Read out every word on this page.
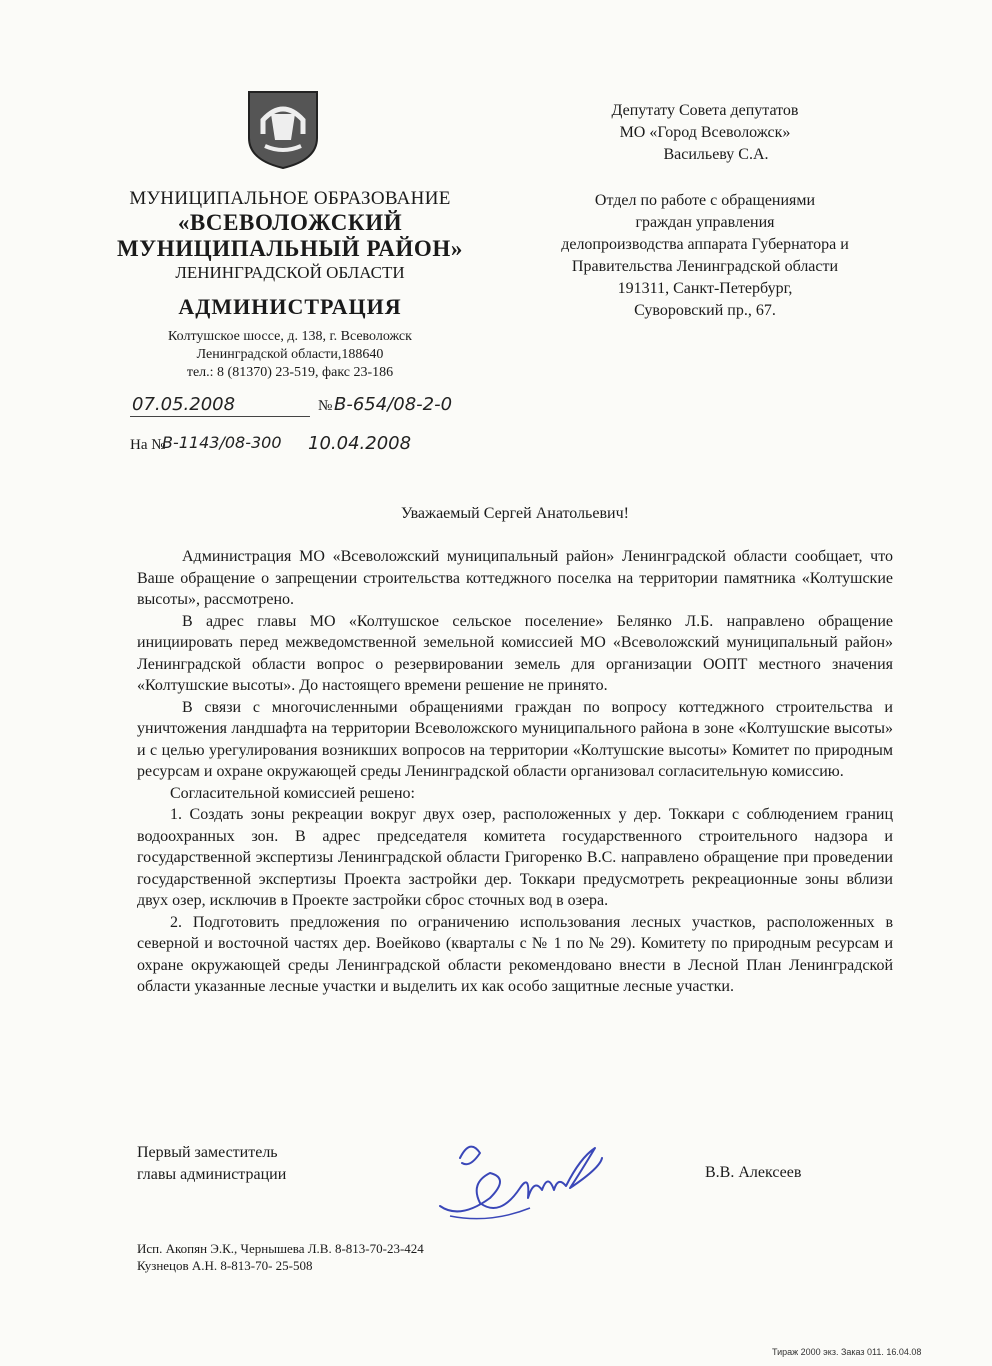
МУНИЦИПАЛЬНОЕ ОБРАЗОВАНИЕ
«ВСЕВОЛОЖСКИЙ
МУНИЦИПАЛЬНЫЙ РАЙОН»
ЛЕНИНГРАДСКОЙ ОБЛАСТИ
АДМИНИСТРАЦИЯ
Колтушское шоссе, д. 138, г. Всеволожск
Ленинградской области,188640
тел.: 8 (81370) 23-519, факс 23-186
07.05.2008	№ В-654/08-2-0
На №
В-1143/08-300 10.04.2008
Депутату Совета депутатов
МО «Город Всеволожск»
Васильеву С.А.
Отдел по работе с обращениями
граждан управления
делопроизводства аппарата Губернатора и
Правительства Ленинградской области
191311, Санкт-Петербург,
Суворовский пр., 67.
Уважаемый Сергей Анатольевич!

Администрация МО «Всеволожский муниципальный район» Ленинградской области сообщает, что Ваше обращение о запрещении строительства коттеджного поселка на территории памятника «Колтушские высоты», рассмотрено.

В адрес главы МО «Колтушское сельское поселение» Белянко Л.Б. направлено обращение инициировать перед межведомственной земельной комиссией МО «Всеволожский муниципальный район» Ленинградской области вопрос о резервировании земель для организации ООПТ местного значения «Колтушские высоты». До настоящего времени решение не принято.

В связи с многочисленными обращениями граждан по вопросу коттеджного строительства и уничтожения ландшафта на территории Всеволожского муниципального района в зоне «Колтушские высоты» и с целью урегулирования возникших вопросов на территории «Колтушские высоты» Комитет по природным ресурсам и охране окружающей среды Ленинградской области организовал согласительную комиссию.

Согласительной комиссией решено:

1. Создать зоны рекреации вокруг двух озер, расположенных у дер. Токкари с соблюдением границ водоохранных зон. В адрес председателя комитета государственного строительного надзора и государственной экспертизы Ленинградской области Григоренко В.С. направлено обращение при проведении государственной экспертизы Проекта застройки дер. Токкари предусмотреть рекреационные зоны вблизи двух озер, исключив в Проекте застройки сброс сточных вод в озера.

2. Подготовить предложения по ограничению использования лесных участков, расположенных в северной и восточной частях дер. Воейково (кварталы с № 1 по № 29). Комитету по природным ресурсам и охране окружающей среды Ленинградской области рекомендовано внести в Лесной План Ленинградской области указанные лесные участки и выделить их как особо защитные лесные участки.

Первый заместитель
главы администрации	В.В. Алексеев
Исп. Акопян Э.К., Чернышева Л.В. 8-813-70-23-424
Кузнецов А.Н. 8-813-70- 25-508
Тираж 2000 экз. Заказ 011. 16.04.08
